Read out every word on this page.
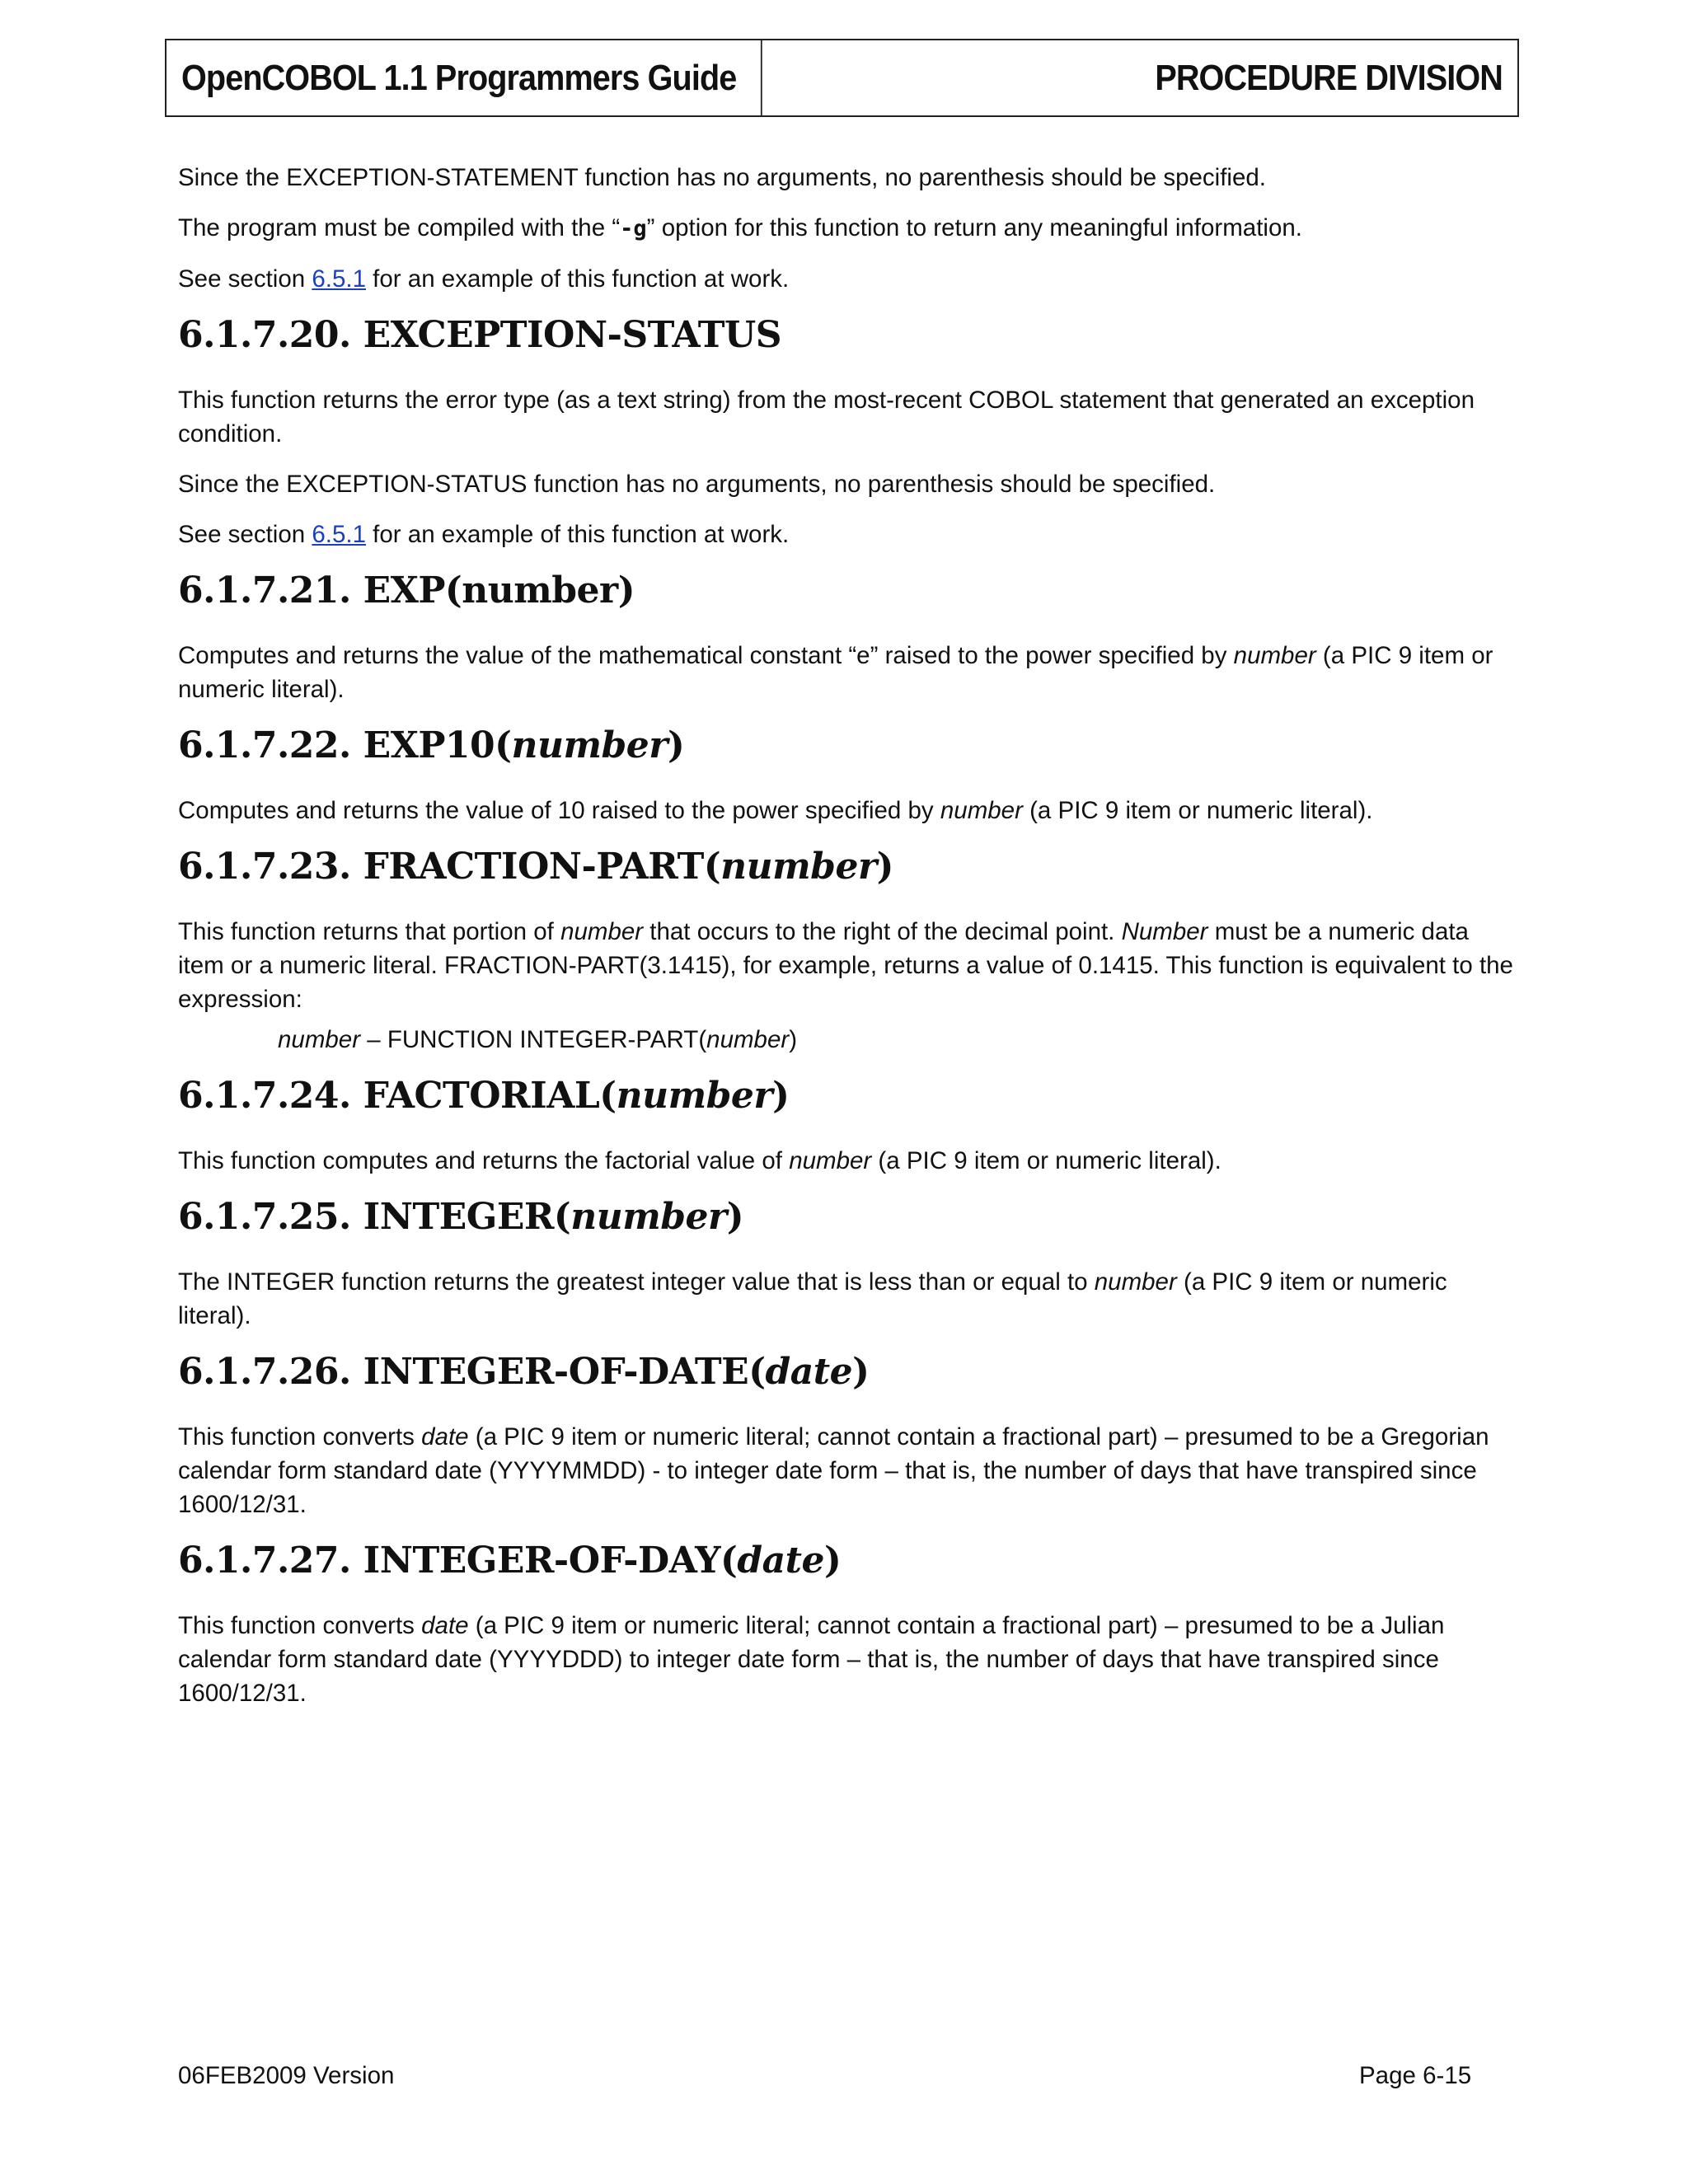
OpenCOBOL 1.1 Programmers Guide	PROCEDURE DIVISION

Since the EXCEPTION-STATEMENT function has no arguments, no parenthesis should be specified.

The program must be compiled with the “-g” option for this function to return any meaningful information.

See section 6.5.1 for an example of this function at work.

6.1.7.20. EXCEPTION-STATUS

This function returns the error type (as a text string) from the most-recent COBOL statement that generated an exception condition.

Since the EXCEPTION-STATUS function has no arguments, no parenthesis should be specified.

See section 6.5.1 for an example of this function at work.

6.1.7.21. EXP(number)

Computes and returns the value of the mathematical constant “e” raised to the power specified by number (a PIC 9 item or numeric literal).

6.1.7.22. EXP10(number)

Computes and returns the value of 10 raised to the power specified by number (a PIC 9 item or numeric literal).

6.1.7.23. FRACTION-PART(number)

This function returns that portion of number that occurs to the right of the decimal point. Number must be a numeric data item or a numeric literal. FRACTION-PART(3.1415), for example, returns a value of 0.1415. This function is equivalent to the expression:

number – FUNCTION INTEGER-PART(number)

6.1.7.24. FACTORIAL(number)

This function computes and returns the factorial value of number (a PIC 9 item or numeric literal).

6.1.7.25. INTEGER(number)

The INTEGER function returns the greatest integer value that is less than or equal to number (a PIC 9 item or numeric literal).

6.1.7.26. INTEGER-OF-DATE(date)

This function converts date (a PIC 9 item or numeric literal; cannot contain a fractional part) – presumed to be a Gregorian calendar form standard date (YYYYMMDD) - to integer date form – that is, the number of days that have transpired since 1600/12/31.

6.1.7.27. INTEGER-OF-DAY(date)

This function converts date (a PIC 9 item or numeric literal; cannot contain a fractional part) – presumed to be a Julian calendar form standard date (YYYYDDD) to integer date form – that is, the number of days that have transpired since 1600/12/31.

06FEB2009 Version	Page 6-15
